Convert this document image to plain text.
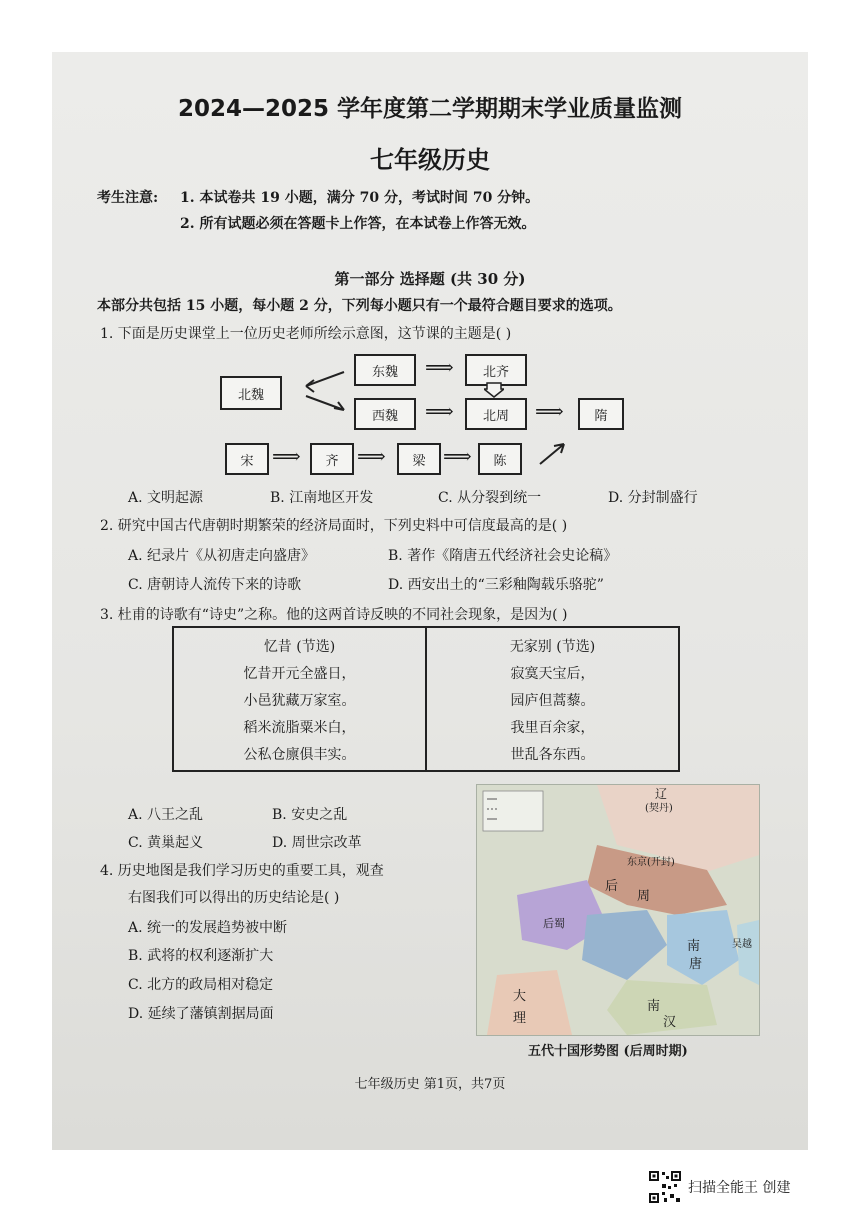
2024—2025 学年度第二学期期末学业质量监测
七年级历史
考生注意: 1. 本试卷共 19 小题，满分 70 分，考试时间 70 分钟。
2. 所有试题必须在答题卡上作答，在本试卷上作答无效。
第一部分 选择题 (共 30 分)
本部分共包括 15 小题，每小题 2 分，下列每小题只有一个最符合题目要求的选项。
1. 下面是历史课堂上一位历史老师所绘示意图，这节课的主题是( )
北魏
东魏	北齐
西魏	北周	隋
宋	齐	梁	陈
⟹
⟹	⟹
⟹	⟹	⟹
A. 文明起源	B. 江南地区开发	C. 从分裂到统一	D. 分封制盛行
2. 研究中国古代唐朝时期繁荣的经济局面时，下列史料中可信度最高的是( )
A. 纪录片《从初唐走向盛唐》	B. 著作《隋唐五代经济社会史论稿》
C. 唐朝诗人流传下来的诗歌	D. 西安出土的“三彩釉陶载乐骆驼”
3. 杜甫的诗歌有“诗史”之称。他的这两首诗反映的不同社会现象，是因为( )
忆昔 (节选)
忆昔开元全盛日，
小邑犹藏万家室。
稻米流脂粟米白，
公私仓廪俱丰实。

无家别 (节选)
寂寞天宝后，
园庐但蒿藜。
我里百余家，
世乱各东西。
A. 八王之乱	B. 安史之乱
C. 黄巢起义	D. 周世宗改革
4. 历史地图是我们学习历史的重要工具，观查
右图我们可以得出的历史结论是( )
A. 统一的发展趋势被中断
B. 武将的权利逐渐扩大
C. 北方的政局相对稳定
D. 延续了藩镇割据局面
辽
(契丹)
东京(开封)
后
周
后蜀
南
唐
吴越
南
汉
大
理
五代十国形势图 (后周时期)
七年级历史 第1页，共7页
扫描全能王 创建
